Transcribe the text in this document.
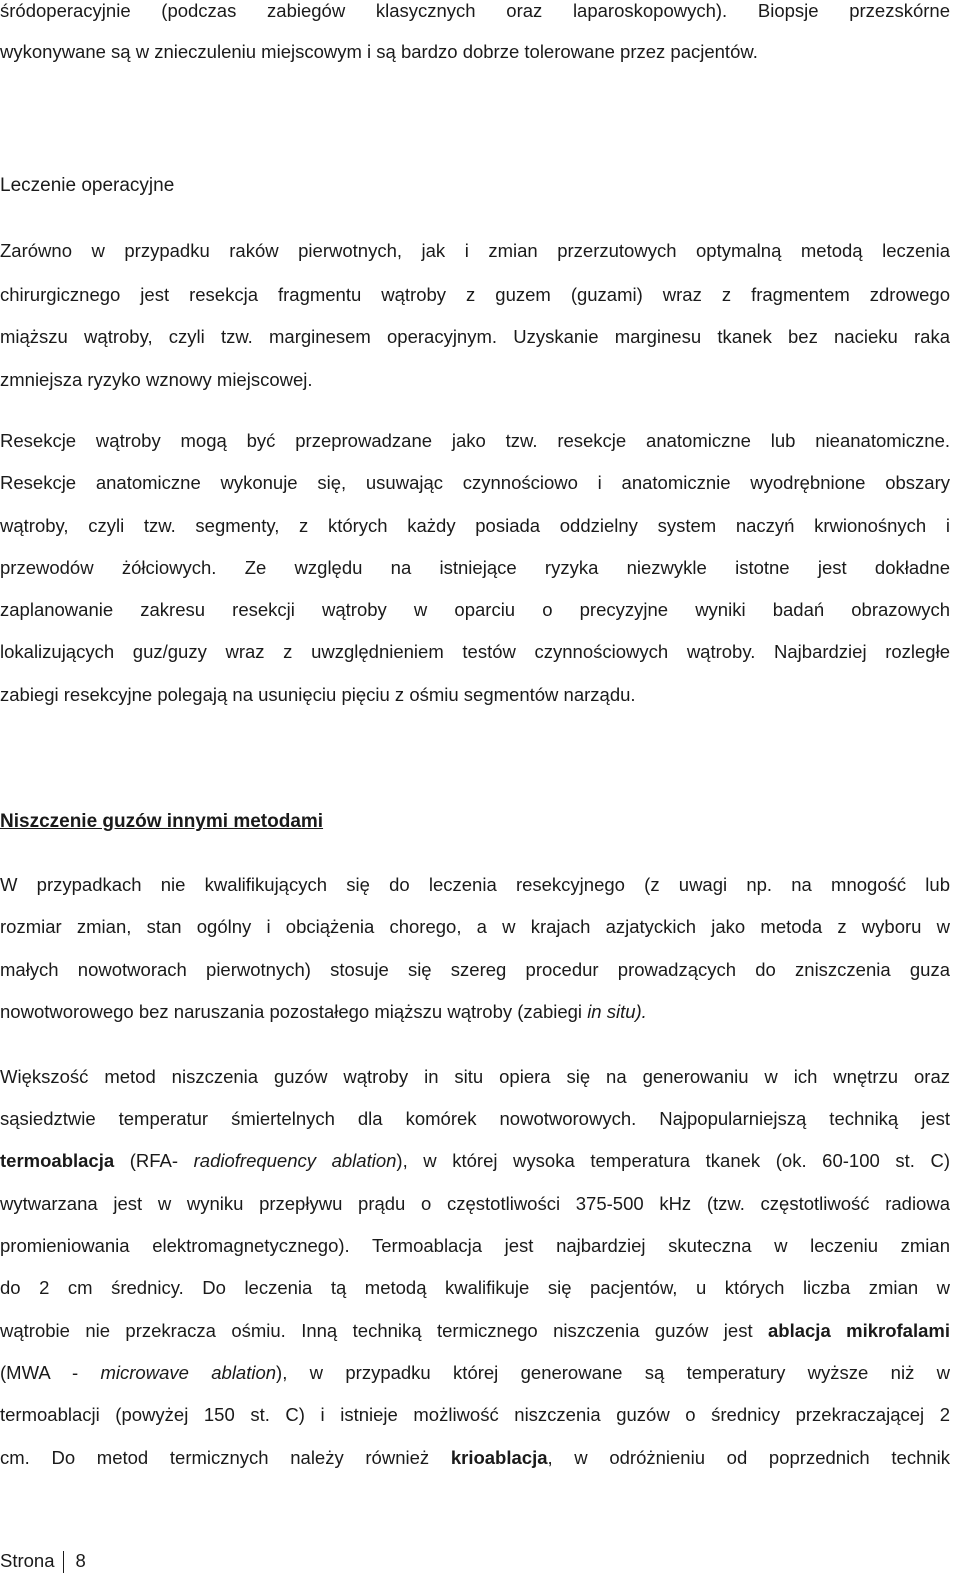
śródoperacyjnie (podczas zabiegów klasycznych oraz laparoskopowych). Biopsje przezskórne
wykonywane są w znieczuleniu miejscowym i są bardzo dobrze tolerowane przez pacjentów.
Leczenie operacyjne
Zarówno w przypadku raków pierwotnych, jak i zmian przerzutowych optymalną metodą leczenia
chirurgicznego jest resekcja fragmentu wątroby z guzem (guzami) wraz z fragmentem zdrowego
miąższu wątroby, czyli tzw. marginesem operacyjnym. Uzyskanie marginesu tkanek bez nacieku raka
zmniejsza ryzyko wznowy miejscowej.
Resekcje wątroby mogą być przeprowadzane jako tzw. resekcje anatomiczne lub nieanatomiczne.
Resekcje anatomiczne wykonuje się, usuwając czynnościowo i anatomicznie wyodrębnione obszary
wątroby, czyli tzw. segmenty, z których każdy posiada oddzielny system naczyń krwionośnych i
przewodów żółciowych. Ze względu na istniejące ryzyka niezwykle istotne jest dokładne
zaplanowanie zakresu resekcji wątroby w oparciu o precyzyjne wyniki badań obrazowych
lokalizujących guz/guzy wraz z uwzględnieniem testów czynnościowych wątroby. Najbardziej rozległe
zabiegi resekcyjne polegają na usunięciu pięciu z ośmiu segmentów narządu.
Niszczenie guzów innymi metodami
W przypadkach nie kwalifikujących się do leczenia resekcyjnego (z uwagi np. na mnogość lub
rozmiar zmian, stan ogólny i obciążenia chorego, a w krajach azjatyckich jako metoda z wyboru w
małych nowotworach pierwotnych) stosuje się szereg procedur prowadzących do zniszczenia guza
nowotworowego bez naruszania pozostałego miąższu wątroby (zabiegi in situ).
Większość metod niszczenia guzów wątroby in situ opiera się na generowaniu w ich wnętrzu oraz
sąsiedztwie temperatur śmiertelnych dla komórek nowotworowych. Najpopularniejszą techniką jest
termoablacja (RFA- radiofrequency ablation), w której wysoka temperatura tkanek (ok. 60-100 st. C)
wytwarzana jest w wyniku przepływu prądu o częstotliwości 375-500 kHz (tzw. częstotliwość radiowa
promieniowania elektromagnetycznego). Termoablacja jest najbardziej skuteczna w leczeniu zmian
do 2 cm średnicy. Do leczenia tą metodą kwalifikuje się pacjentów, u których liczba zmian w
wątrobie nie przekracza ośmiu. Inną techniką termicznego niszczenia guzów jest ablacja mikrofalami
(MWA - microwave ablation), w przypadku której generowane są temperatury wyższe niż w
termoablacji (powyżej 150 st. C) i istnieje możliwość niszczenia guzów o średnicy przekraczającej 2
cm. Do metod termicznych należy również krioablacja, w odróżnieniu od poprzednich technik
Strona 8
